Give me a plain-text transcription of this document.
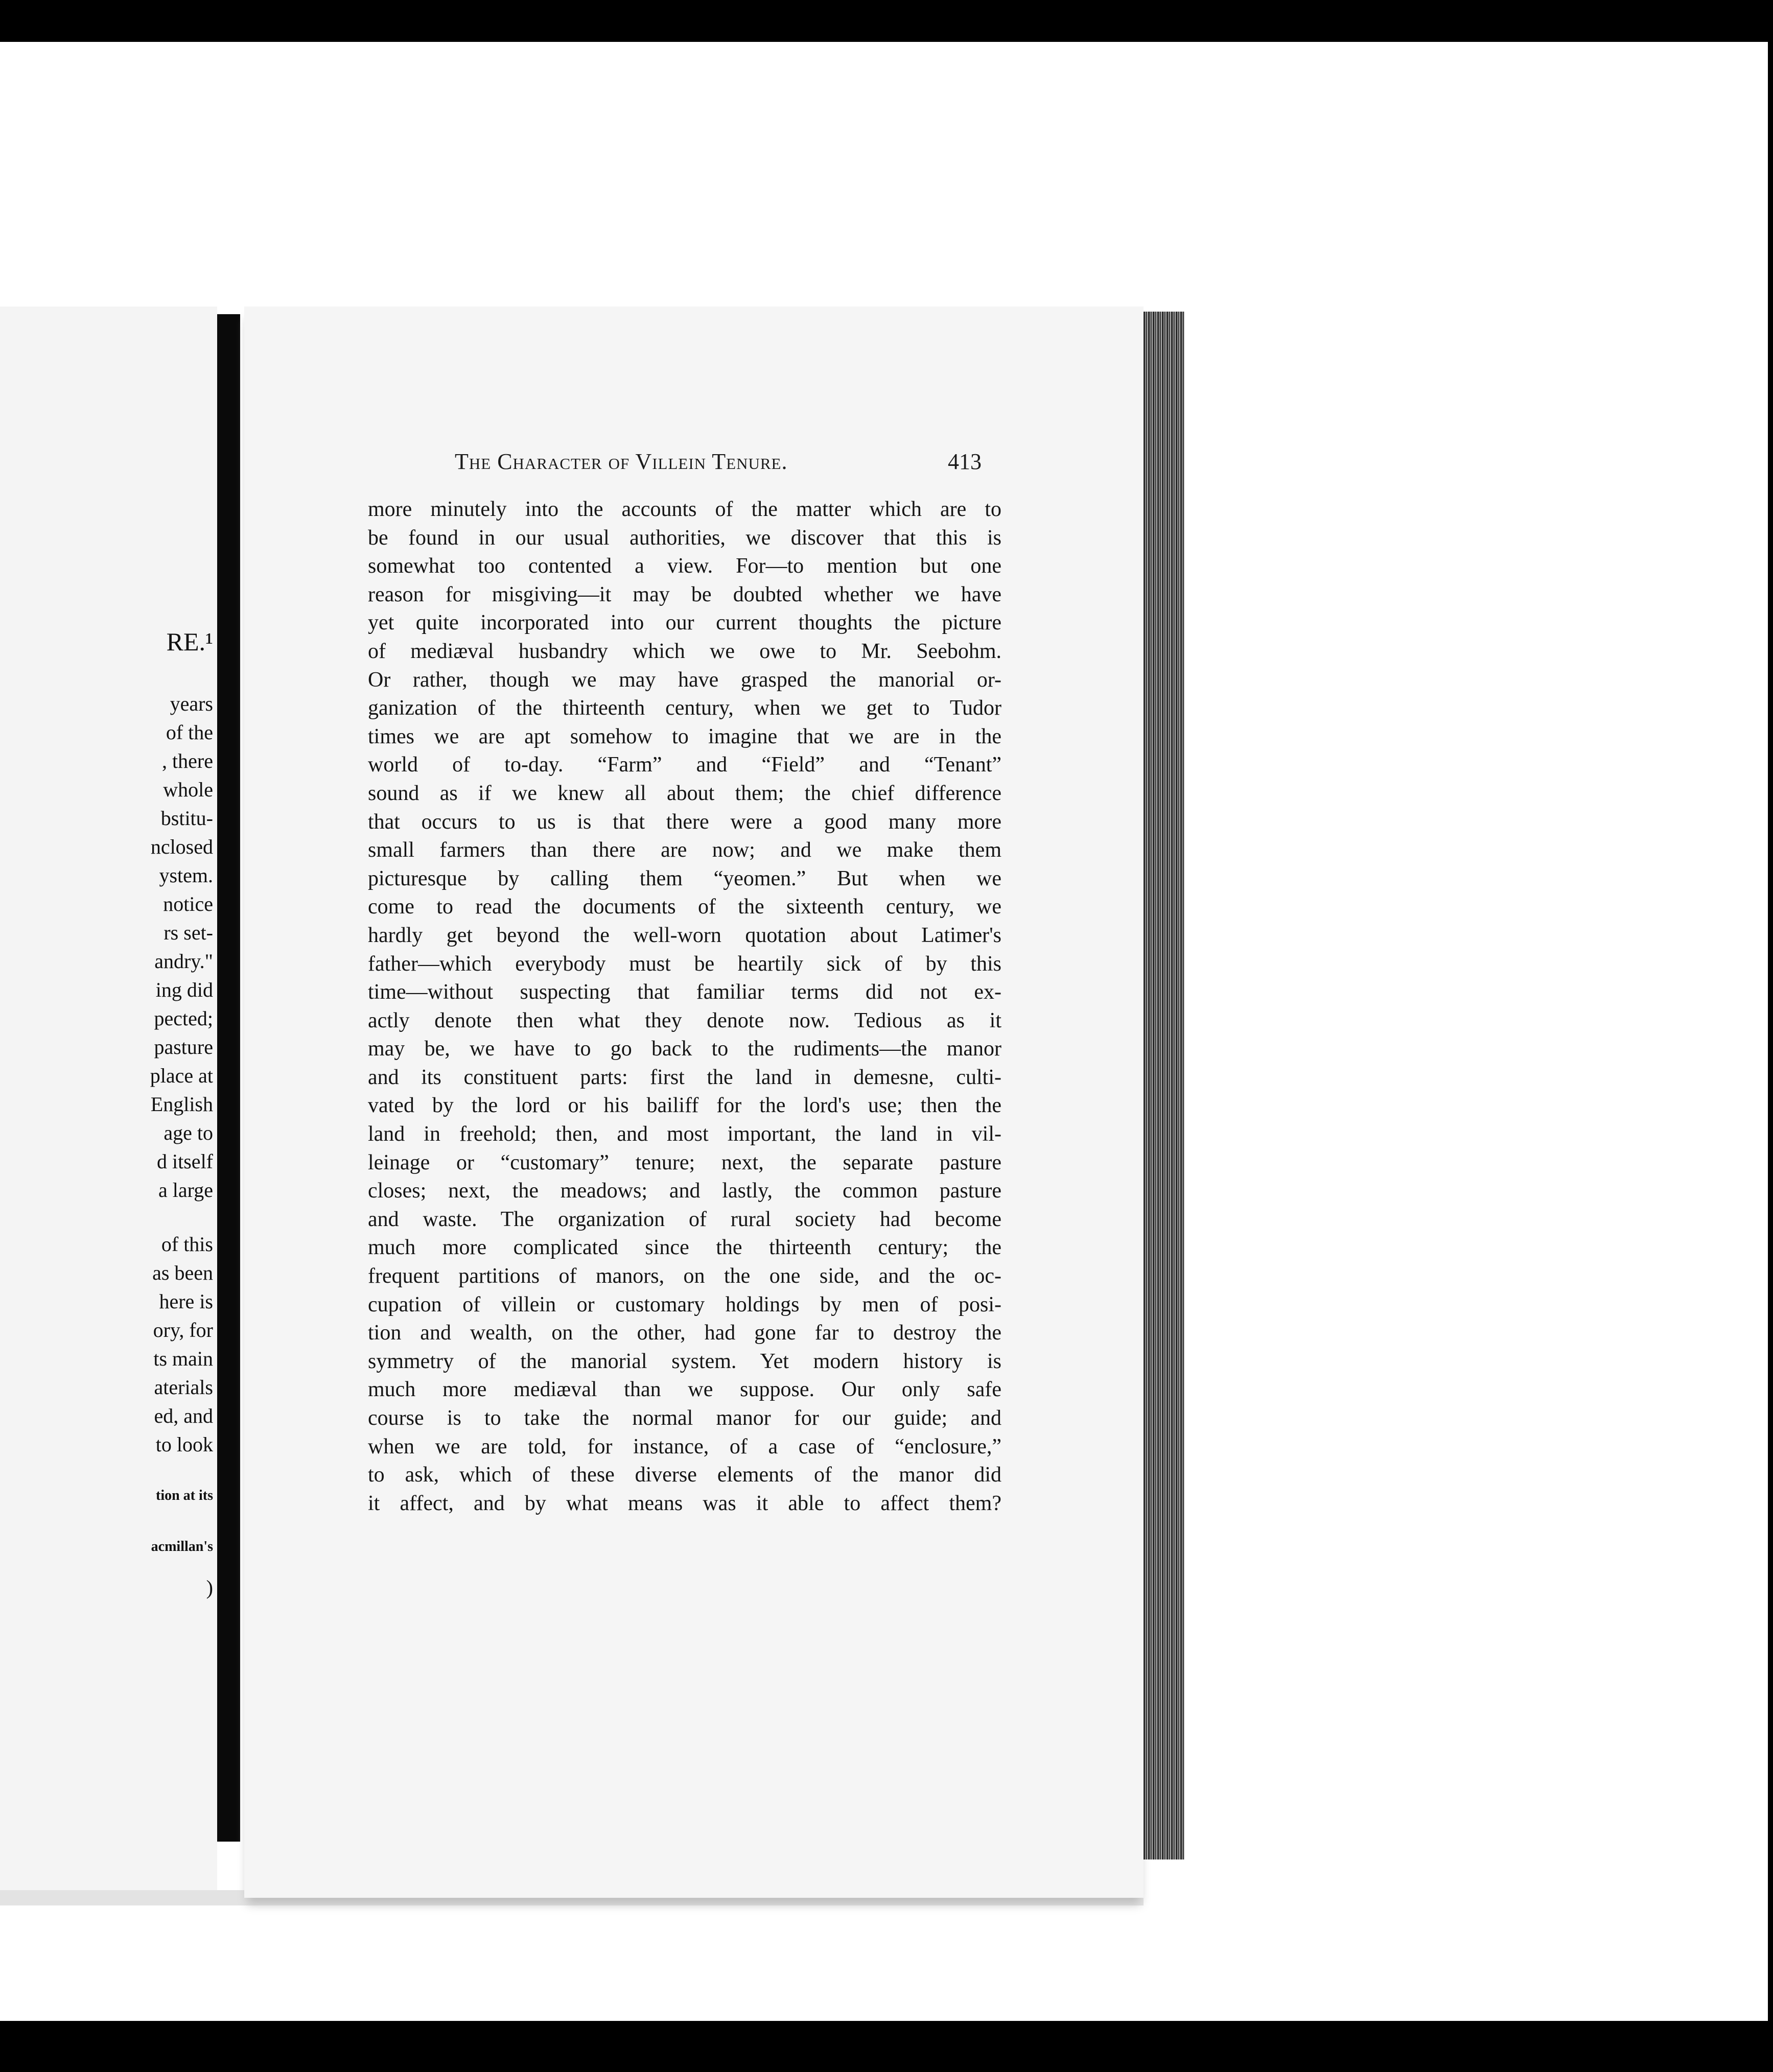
RE.¹
years
of the
, there
whole
bstitu-
nclosed
ystem.
notice
rs set-
andry."
ing did
pected;
pasture
place at
English
age to
d itself
a large
of this
as been
here is
ory, for
ts main
aterials
ed, and
to look
tion at its
acmillan's
)
The Character of Villein Tenure.	413
more minutely into the accounts of the matter which are to
be found in our usual authorities, we discover that this is
somewhat too contented a view. For—to mention but one
reason for misgiving—it may be doubted whether we have
yet quite incorporated into our current thoughts the picture
of mediæval husbandry which we owe to Mr. Seebohm.
Or rather, though we may have grasped the manorial or-
ganization of the thirteenth century, when we get to Tudor
times we are apt somehow to imagine that we are in the
world of to-day. “Farm” and “Field” and “Tenant”
sound as if we knew all about them; the chief difference
that occurs to us is that there were a good many more
small farmers than there are now; and we make them
picturesque by calling them “yeomen.” But when we
come to read the documents of the sixteenth century, we
hardly get beyond the well-worn quotation about Latimer's
father—which everybody must be heartily sick of by this
time—without suspecting that familiar terms did not ex-
actly denote then what they denote now. Tedious as it
may be, we have to go back to the rudiments—the manor
and its constituent parts: first the land in demesne, culti-
vated by the lord or his bailiff for the lord's use; then the
land in freehold; then, and most important, the land in vil-
leinage or “customary” tenure; next, the separate pasture
closes; next, the meadows; and lastly, the common pasture
and waste. The organization of rural society had become
much more complicated since the thirteenth century; the
frequent partitions of manors, on the one side, and the oc-
cupation of villein or customary holdings by men of posi-
tion and wealth, on the other, had gone far to destroy the
symmetry of the manorial system. Yet modern history is
much more mediæval than we suppose. Our only safe
course is to take the normal manor for our guide; and
when we are told, for instance, of a case of “enclosure,”
to ask, which of these diverse elements of the manor did
it affect, and by what means was it able to affect them?
